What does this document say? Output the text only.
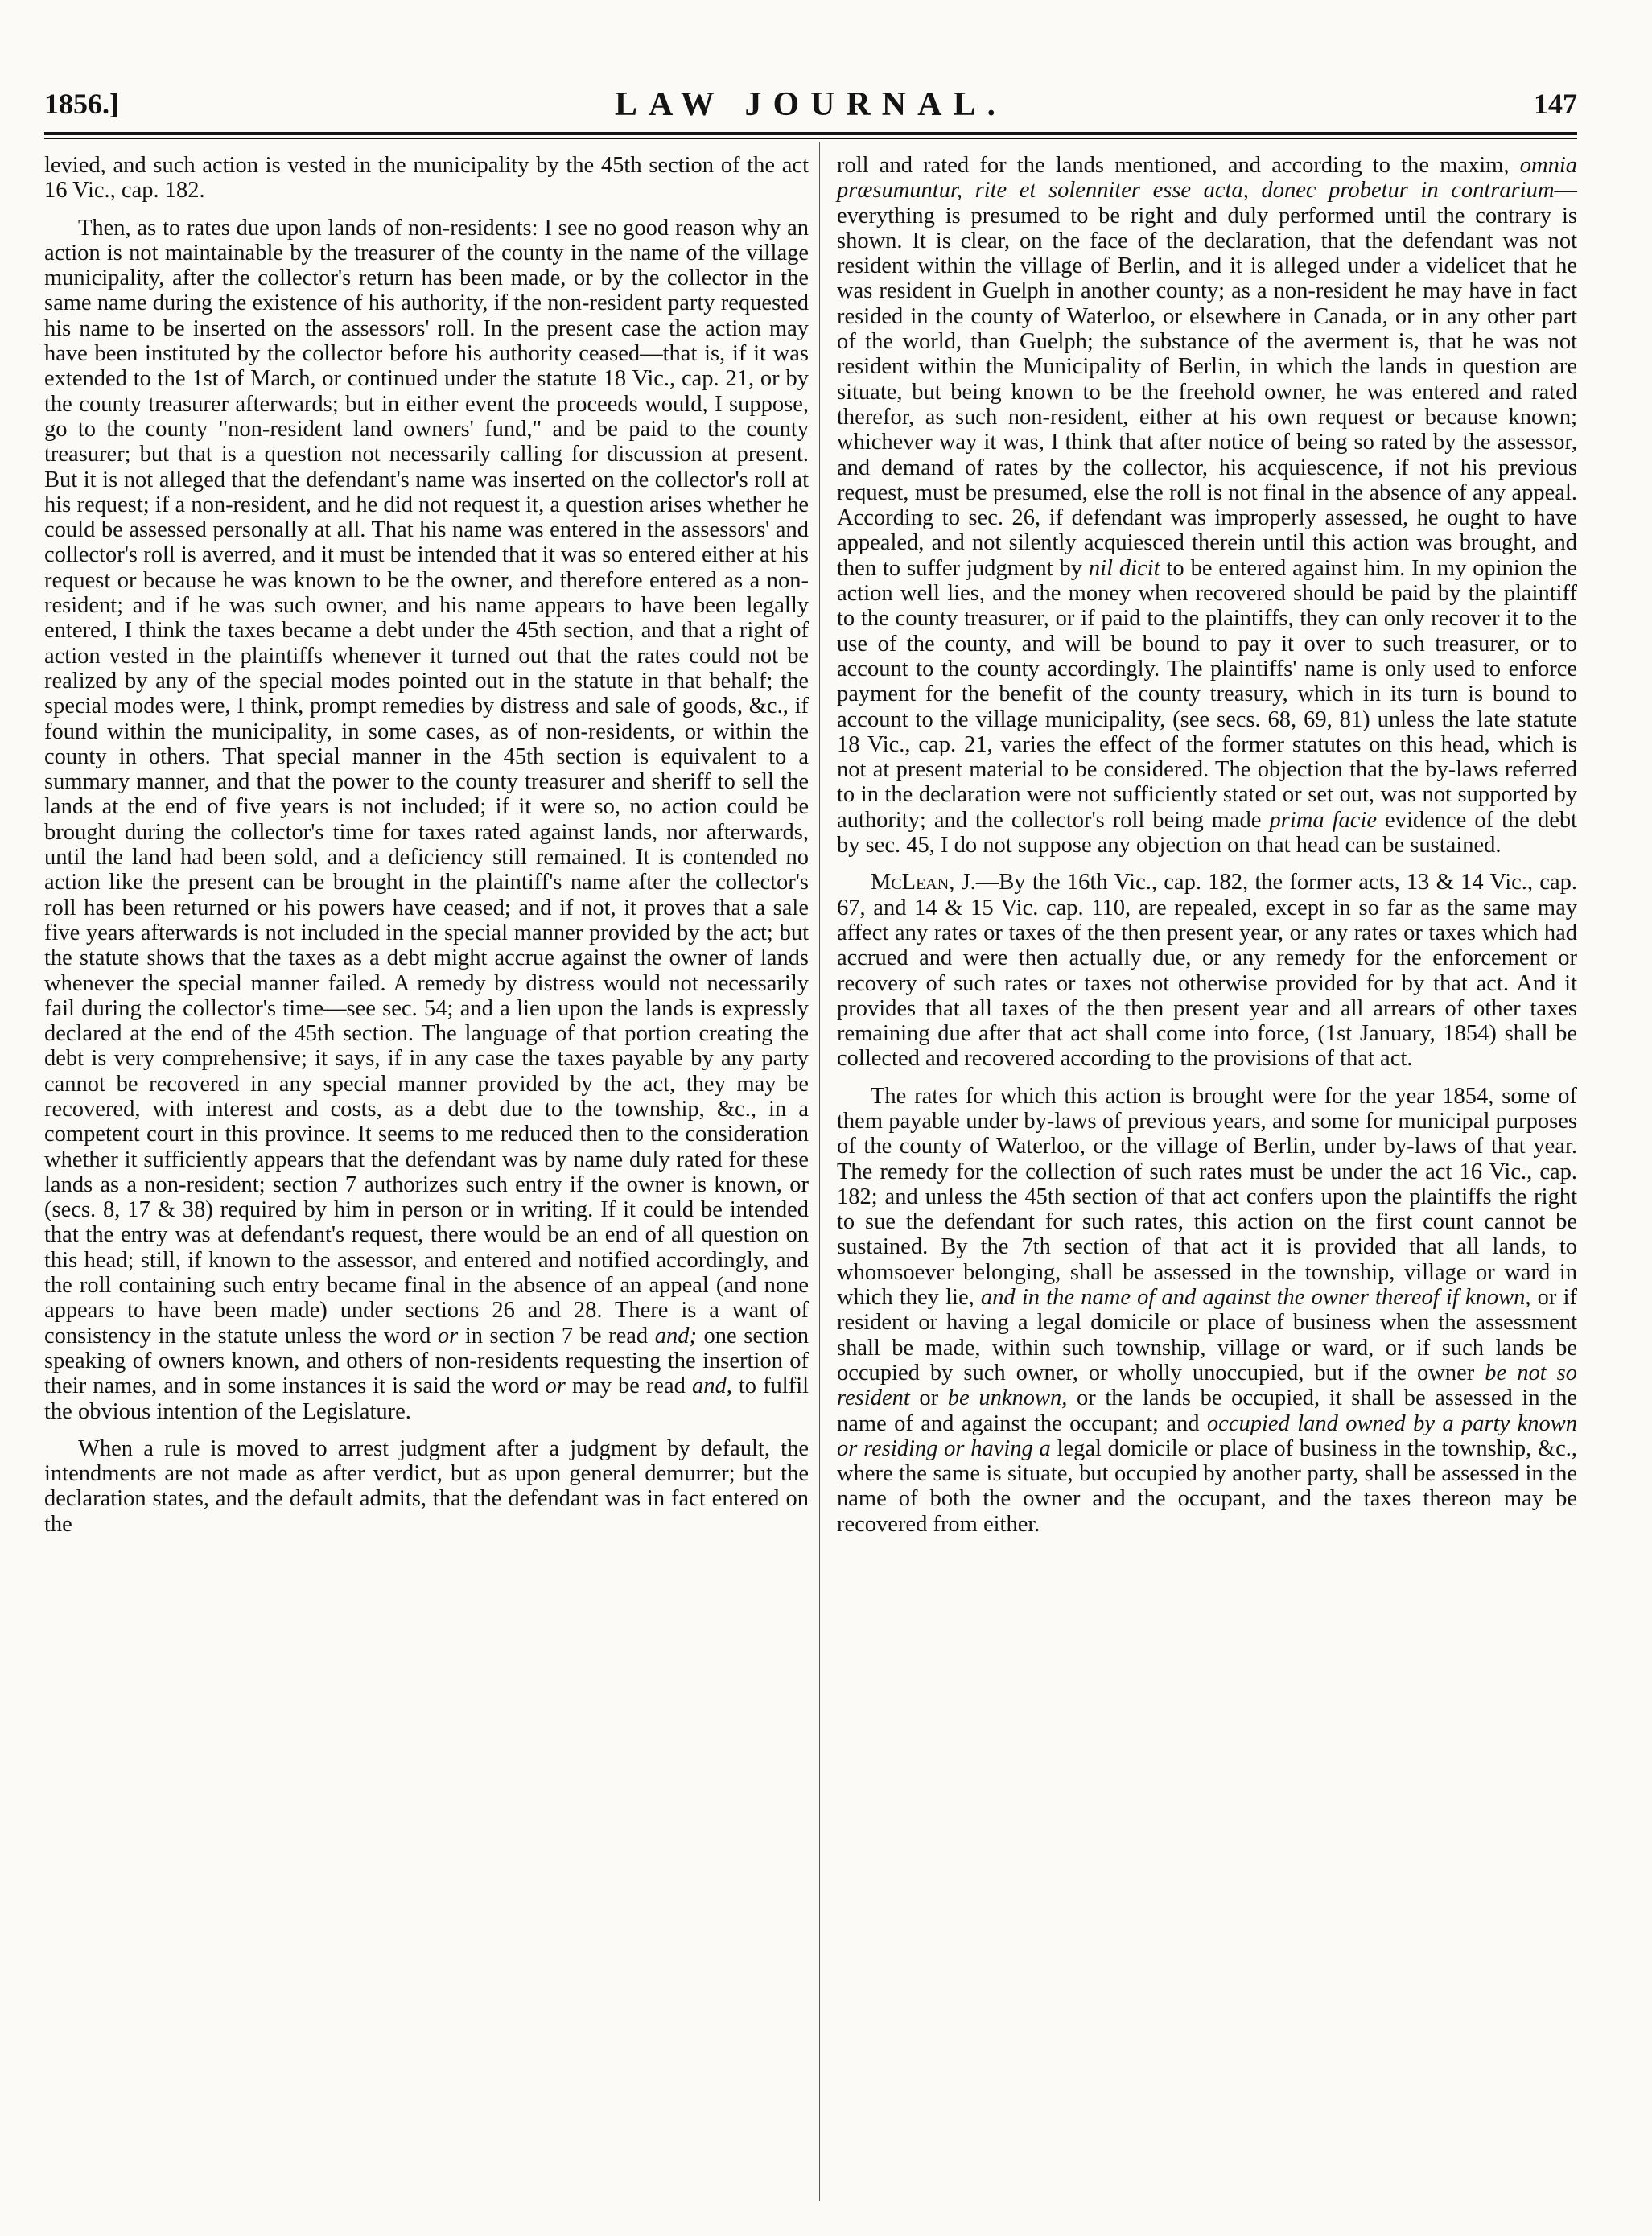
1856.]	LAW JOURNAL.	147

levied, and such action is vested in the municipality by the 45th section of the act 16 Vic., cap. 182.

Then, as to rates due upon lands of non-residents: I see no good reason why an action is not maintainable by the treasurer of the county in the name of the village municipality, after the collector's return has been made, or by the collector in the same name during the existence of his authority, if the non-resident party requested his name to be inserted on the assessors' roll. In the present case the action may have been instituted by the collector before his authority ceased—that is, if it was extended to the 1st of March, or continued under the statute 18 Vic., cap. 21, or by the county treasurer afterwards; but in either event the proceeds would, I suppose, go to the county "non-resident land owners' fund," and be paid to the county treasurer; but that is a question not necessarily calling for discussion at present. But it is not alleged that the defendant's name was inserted on the collector's roll at his request; if a non-resident, and he did not request it, a question arises whether he could be assessed personally at all. That his name was entered in the assessors' and collector's roll is averred, and it must be intended that it was so entered either at his request or because he was known to be the owner, and therefore entered as a non-resident; and if he was such owner, and his name appears to have been legally entered, I think the taxes became a debt under the 45th section, and that a right of action vested in the plaintiffs whenever it turned out that the rates could not be realized by any of the special modes pointed out in the statute in that behalf; the special modes were, I think, prompt remedies by distress and sale of goods, &c., if found within the municipality, in some cases, as of non-residents, or within the county in others. That special manner in the 45th section is equivalent to a summary manner, and that the power to the county treasurer and sheriff to sell the lands at the end of five years is not included; if it were so, no action could be brought during the collector's time for taxes rated against lands, nor afterwards, until the land had been sold, and a deficiency still remained. It is contended no action like the present can be brought in the plaintiff's name after the collector's roll has been returned or his powers have ceased; and if not, it proves that a sale five years afterwards is not included in the special manner provided by the act; but the statute shows that the taxes as a debt might accrue against the owner of lands whenever the special manner failed. A remedy by distress would not necessarily fail during the collector's time—see sec. 54; and a lien upon the lands is expressly declared at the end of the 45th section. The language of that portion creating the debt is very comprehensive; it says, if in any case the taxes payable by any party cannot be recovered in any special manner provided by the act, they may be recovered, with interest and costs, as a debt due to the township, &c., in a competent court in this province. It seems to me reduced then to the consideration whether it sufficiently appears that the defendant was by name duly rated for these lands as a non-resident; section 7 authorizes such entry if the owner is known, or (secs. 8, 17 & 38) required by him in person or in writing. If it could be intended that the entry was at defendant's request, there would be an end of all question on this head; still, if known to the assessor, and entered and notified accordingly, and the roll containing such entry became final in the absence of an appeal (and none appears to have been made) under sections 26 and 28. There is a want of consistency in the statute unless the word or in section 7 be read and; one section speaking of owners known, and others of non-residents requesting the insertion of their names, and in some instances it is said the word or may be read and, to fulfil the obvious intention of the Legislature.

When a rule is moved to arrest judgment after a judgment by default, the intendments are not made as after verdict, but as upon general demurrer; but the declaration states, and the default admits, that the defendant was in fact entered on the

roll and rated for the lands mentioned, and according to the maxim, omnia præsumuntur, rite et solenniter esse acta, donec probetur in contrarium—everything is presumed to be right and duly performed until the contrary is shown. It is clear, on the face of the declaration, that the defendant was not resident within the village of Berlin, and it is alleged under a videlicet that he was resident in Guelph in another county; as a non-resident he may have in fact resided in the county of Waterloo, or elsewhere in Canada, or in any other part of the world, than Guelph; the substance of the averment is, that he was not resident within the Municipality of Berlin, in which the lands in question are situate, but being known to be the freehold owner, he was entered and rated therefor, as such non-resident, either at his own request or because known; whichever way it was, I think that after notice of being so rated by the assessor, and demand of rates by the collector, his acquiescence, if not his previous request, must be presumed, else the roll is not final in the absence of any appeal. According to sec. 26, if defendant was improperly assessed, he ought to have appealed, and not silently acquiesced therein until this action was brought, and then to suffer judgment by nil dicit to be entered against him. In my opinion the action well lies, and the money when recovered should be paid by the plaintiff to the county treasurer, or if paid to the plaintiffs, they can only recover it to the use of the county, and will be bound to pay it over to such treasurer, or to account to the county accordingly. The plaintiffs' name is only used to enforce payment for the benefit of the county treasury, which in its turn is bound to account to the village municipality, (see secs. 68, 69, 81) unless the late statute 18 Vic., cap. 21, varies the effect of the former statutes on this head, which is not at present material to be considered. The objection that the by-laws referred to in the declaration were not sufficiently stated or set out, was not supported by authority; and the collector's roll being made prima facie evidence of the debt by sec. 45, I do not suppose any objection on that head can be sustained.

McLean, J.—By the 16th Vic., cap. 182, the former acts, 13 & 14 Vic., cap. 67, and 14 & 15 Vic. cap. 110, are repealed, except in so far as the same may affect any rates or taxes of the then present year, or any rates or taxes which had accrued and were then actually due, or any remedy for the enforcement or recovery of such rates or taxes not otherwise provided for by that act. And it provides that all taxes of the then present year and all arrears of other taxes remaining due after that act shall come into force, (1st January, 1854) shall be collected and recovered according to the provisions of that act.

The rates for which this action is brought were for the year 1854, some of them payable under by-laws of previous years, and some for municipal purposes of the county of Waterloo, or the village of Berlin, under by-laws of that year. The remedy for the collection of such rates must be under the act 16 Vic., cap. 182; and unless the 45th section of that act confers upon the plaintiffs the right to sue the defendant for such rates, this action on the first count cannot be sustained. By the 7th section of that act it is provided that all lands, to whomsoever belonging, shall be assessed in the township, village or ward in which they lie, and in the name of and against the owner thereof if known, or if resident or having a legal domicile or place of business when the assessment shall be made, within such township, village or ward, or if such lands be occupied by such owner, or wholly unoccupied, but if the owner be not so resident or be unknown, or the lands be occupied, it shall be assessed in the name of and against the occupant; and occupied land owned by a party known or residing or having a legal domicile or place of business in the township, &c., where the same is situate, but occupied by another party, shall be assessed in the name of both the owner and the occupant, and the taxes thereon may be recovered from either.
